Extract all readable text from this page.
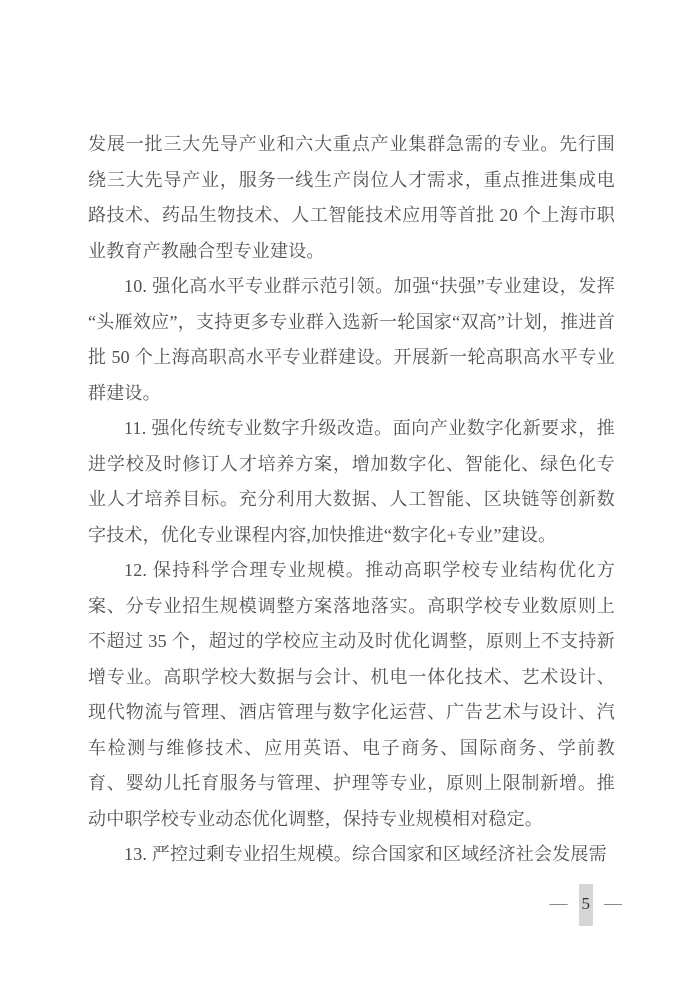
发展一批三大先导产业和六大重点产业集群急需的专业。先行围绕三大先导产业，服务一线生产岗位人才需求，重点推进集成电路技术、药品生物技术、人工智能技术应用等首批 20 个上海市职业教育产教融合型专业建设。

10. 强化高水平专业群示范引领。加强“扶强”专业建设，发挥“头雁效应”，支持更多专业群入选新一轮国家“双高”计划，推进首批 50 个上海高职高水平专业群建设。开展新一轮高职高水平专业群建设。

11. 强化传统专业数字升级改造。面向产业数字化新要求，推进学校及时修订人才培养方案，增加数字化、智能化、绿色化专业人才培养目标。充分利用大数据、人工智能、区块链等创新数字技术，优化专业课程内容,加快推进“数字化+专业”建设。

12. 保持科学合理专业规模。推动高职学校专业结构优化方案、分专业招生规模调整方案落地落实。高职学校专业数原则上不超过 35 个，超过的学校应主动及时优化调整，原则上不支持新增专业。高职学校大数据与会计、机电一体化技术、艺术设计、现代物流与管理、酒店管理与数字化运营、广告艺术与设计、汽车检测与维修技术、应用英语、电子商务、国际商务、学前教育、婴幼儿托育服务与管理、护理等专业，原则上限制新增。推动中职学校专业动态优化调整，保持专业规模相对稳定。

13. 严控过剩专业招生规模。综合国家和区域经济社会发展需

— 5 —
